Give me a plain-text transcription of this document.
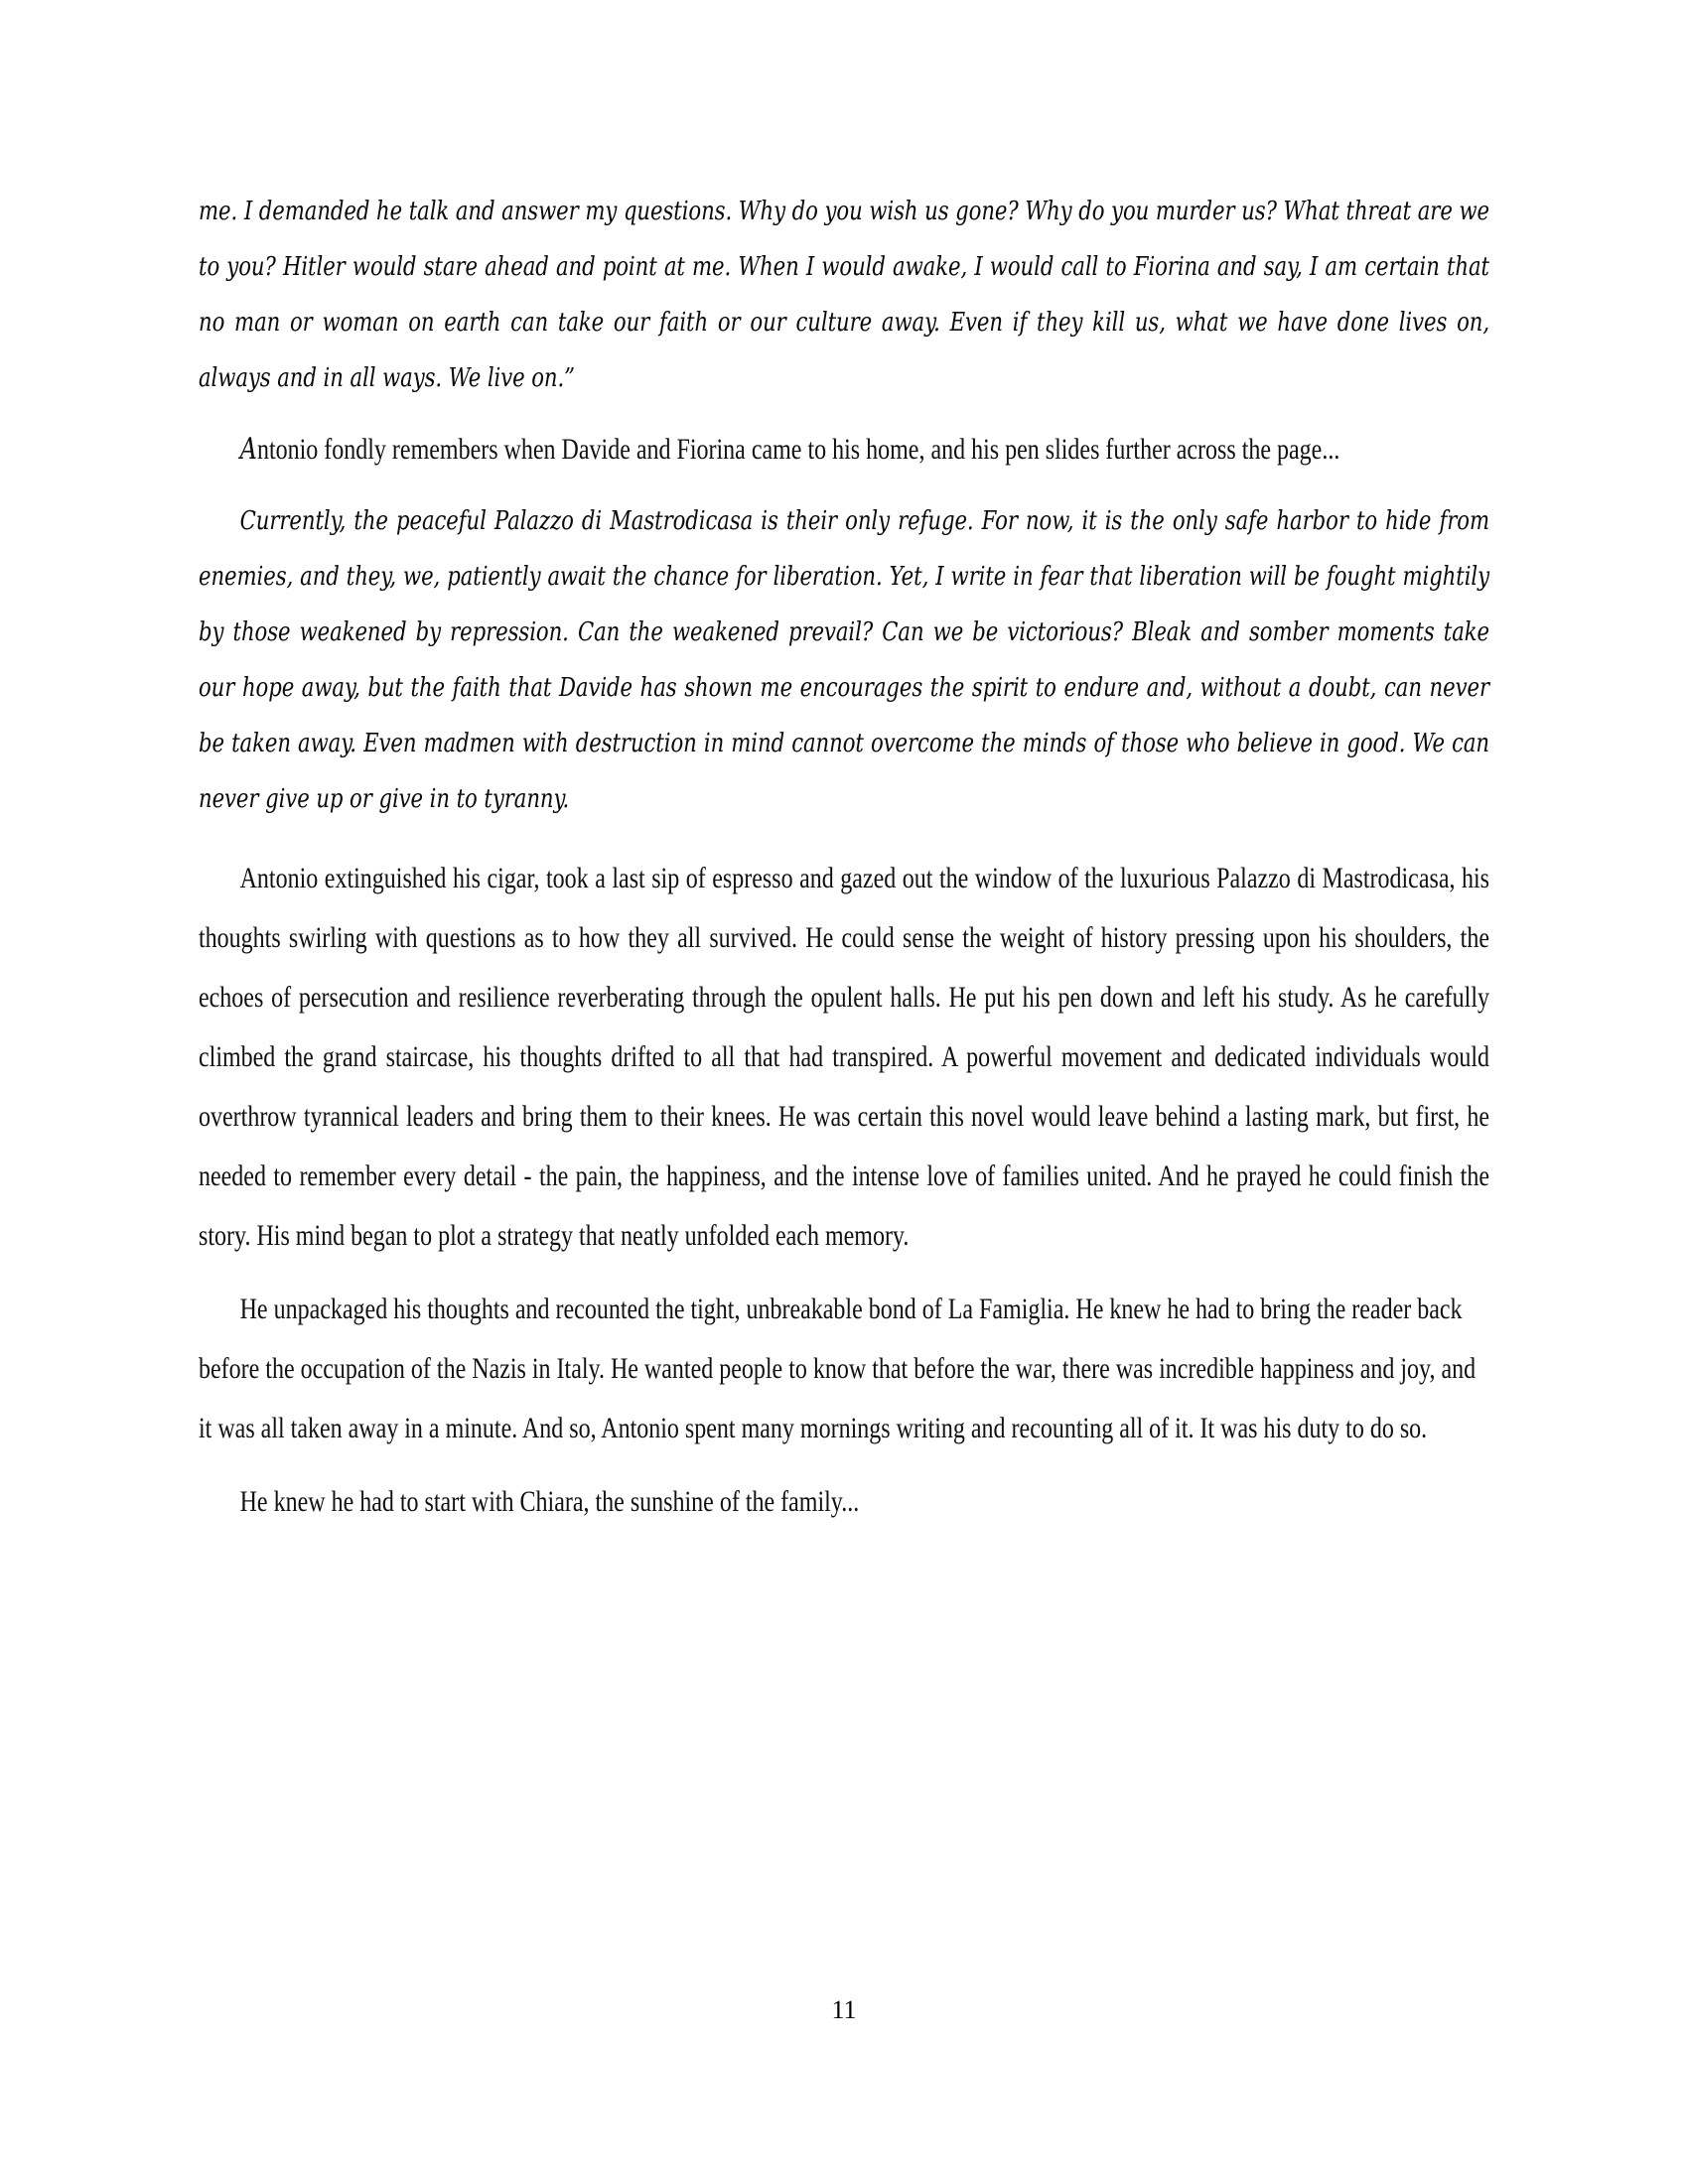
me. I demanded he talk and answer my questions. Why do you wish us gone? Why do you murder us? What threat are we to you? Hitler would stare ahead and point at me. When I would awake, I would call to Fiorina and say, I am certain that no man or woman on earth can take our faith or our culture away. Even if they kill us, what we have done lives on, always and in all ways. We live on.”

Antonio fondly remembers when Davide and Fiorina came to his home, and his pen slides further across the page...

Currently, the peaceful Palazzo di Mastrodicasa is their only refuge. For now, it is the only safe harbor to hide from enemies, and they, we, patiently await the chance for liberation. Yet, I write in fear that liberation will be fought mightily by those weakened by repression. Can the weakened prevail? Can we be victorious? Bleak and somber moments take our hope away, but the faith that Davide has shown me encourages the spirit to endure and, without a doubt, can never be taken away. Even madmen with destruction in mind cannot overcome the minds of those who believe in good. We can never give up or give in to tyranny.

Antonio extinguished his cigar, took a last sip of espresso and gazed out the window of the luxurious Palazzo di Mastrodicasa, his thoughts swirling with questions as to how they all survived. He could sense the weight of history pressing upon his shoulders, the echoes of persecution and resilience reverberating through the opulent halls. He put his pen down and left his study. As he carefully climbed the grand staircase, his thoughts drifted to all that had transpired. A powerful movement and dedicated individuals would overthrow tyrannical leaders and bring them to their knees. He was certain this novel would leave behind a lasting mark, but first, he needed to remember every detail - the pain, the happiness, and the intense love of families united. And he prayed he could finish the story. His mind began to plot a strategy that neatly unfolded each memory.

He unpackaged his thoughts and recounted the tight, unbreakable bond of La Famiglia. He knew he had to bring the reader back before the occupation of the Nazis in Italy. He wanted people to know that before the war, there was incredible happiness and joy, and it was all taken away in a minute. And so, Antonio spent many mornings writing and recounting all of it. It was his duty to do so.

He knew he had to start with Chiara, the sunshine of the family...

11
